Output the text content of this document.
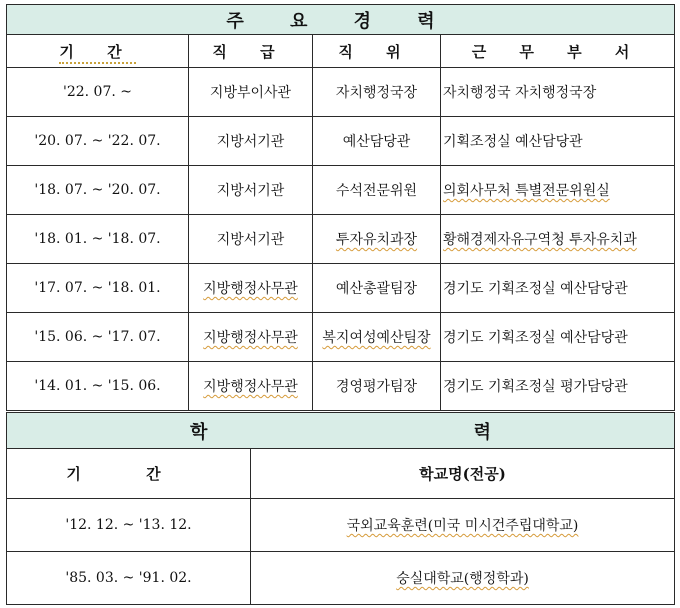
주 요 경 력			
기 간	직 급	직 위	근 무 부 서
'22. 07. ~	지방부이사관	자치행정국장	자치행정국 자치행정국장
'20. 07. ~ '22. 07.	지방서기관	예산담당관	기획조정실 예산담당관
'18. 07. ~ '20. 07.	지방서기관	수석전문위원	의회사무처 특별전문위원실
'18. 01. ~ '18. 07.	지방서기관	투자유치과장	황해경제자유구역청 투자유치과
'17. 07. ~ '18. 01.	지방행정사무관	예산총괄팀장	경기도 기획조정실 예산담당관
'15. 06. ~ '17. 07.	지방행정사무관	복지여성예산팀장	경기도 기획조정실 예산담당관
'14. 01. ~ '15. 06.	지방행정사무관	경영평가팀장	경기도 기획조정실 평가담당관
학 력	
기 간	학교명(전공)
'12. 12. ~ '13. 12.	국외교육훈련(미국 미시건주립대학교)
'85. 03. ~ '91. 02.	숭실대학교(행정학과)
